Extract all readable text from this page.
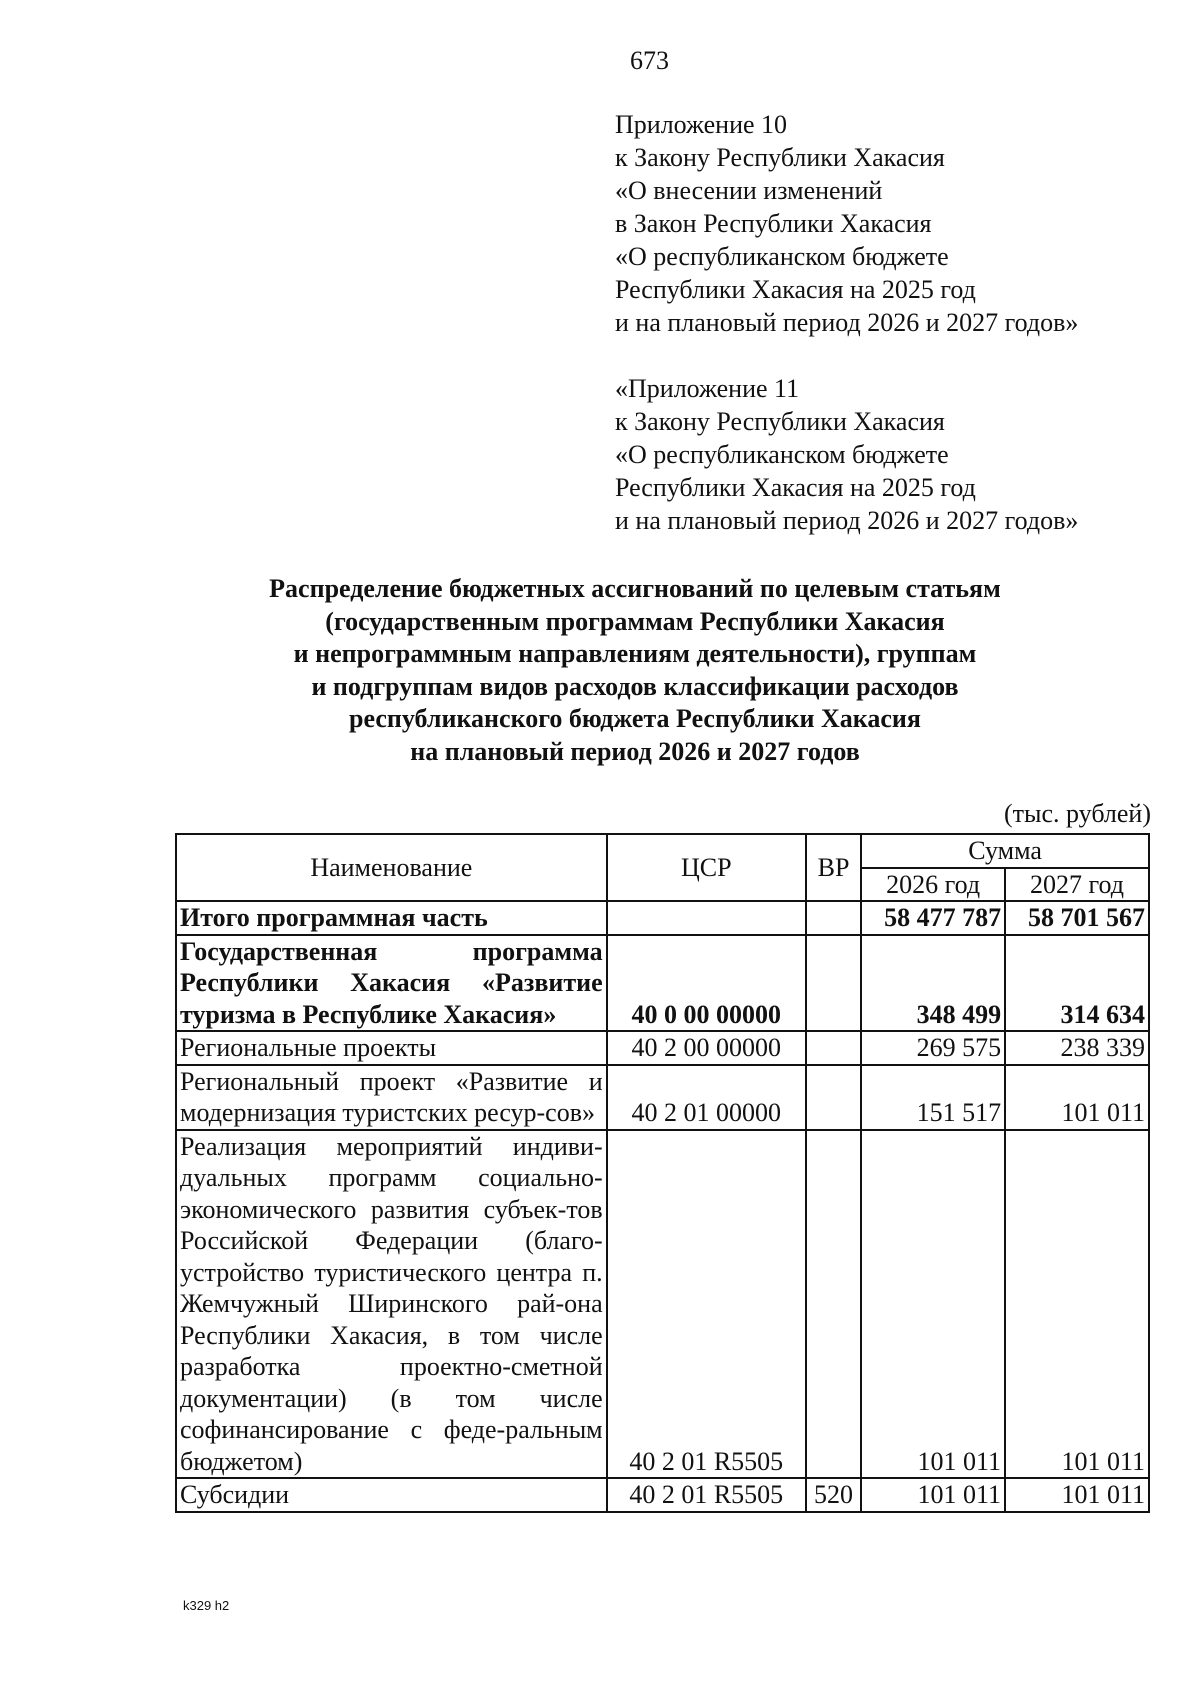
673
Приложение 10
к Закону Республики Хакасия
«О внесении изменений
в Закон Республики Хакасия
«О республиканском бюджете
Республики Хакасия на 2025 год
и на плановый период 2026 и 2027 годов»
«Приложение 11
к Закону Республики Хакасия
«О республиканском бюджете
Республики Хакасия на 2025 год
и на плановый период 2026 и 2027 годов»
Распределение бюджетных ассигнований по целевым статьям
(государственным программам Республики Хакасия
и непрограммным направлениям деятельности), группам
и подгруппам видов расходов классификации расходов
республиканского бюджета Республики Хакасия
на плановый период 2026 и 2027 годов
(тыс. рублей)
Наименование	ЦСР	ВР	Сумма	
			2026 год	2027 год
Итого программная часть			58 477 787	58 701 567
Государственная программа Республики Хакасия «Развитие туризма в Республике Хакасия»	40 0 00 00000		348 499	314 634
Региональные проекты	40 2 00 00000		269 575	238 339
Региональный проект «Развитие и модернизация туристских ресур-сов»	40 2 01 00000		151 517	101 011
Реализация мероприятий индиви-дуальных программ социально-экономического развития субъек-тов Российской Федерации (благо-устройство туристического центра п. Жемчужный Ширинского рай-она Республики Хакасия, в том числе разработка проектно-сметной документации) (в том числе софинансирование с феде-ральным бюджетом)	40 2 01 R5505		101 011	101 011
Субсидии	40 2 01 R5505	520	101 011	101 011
k329 h2
